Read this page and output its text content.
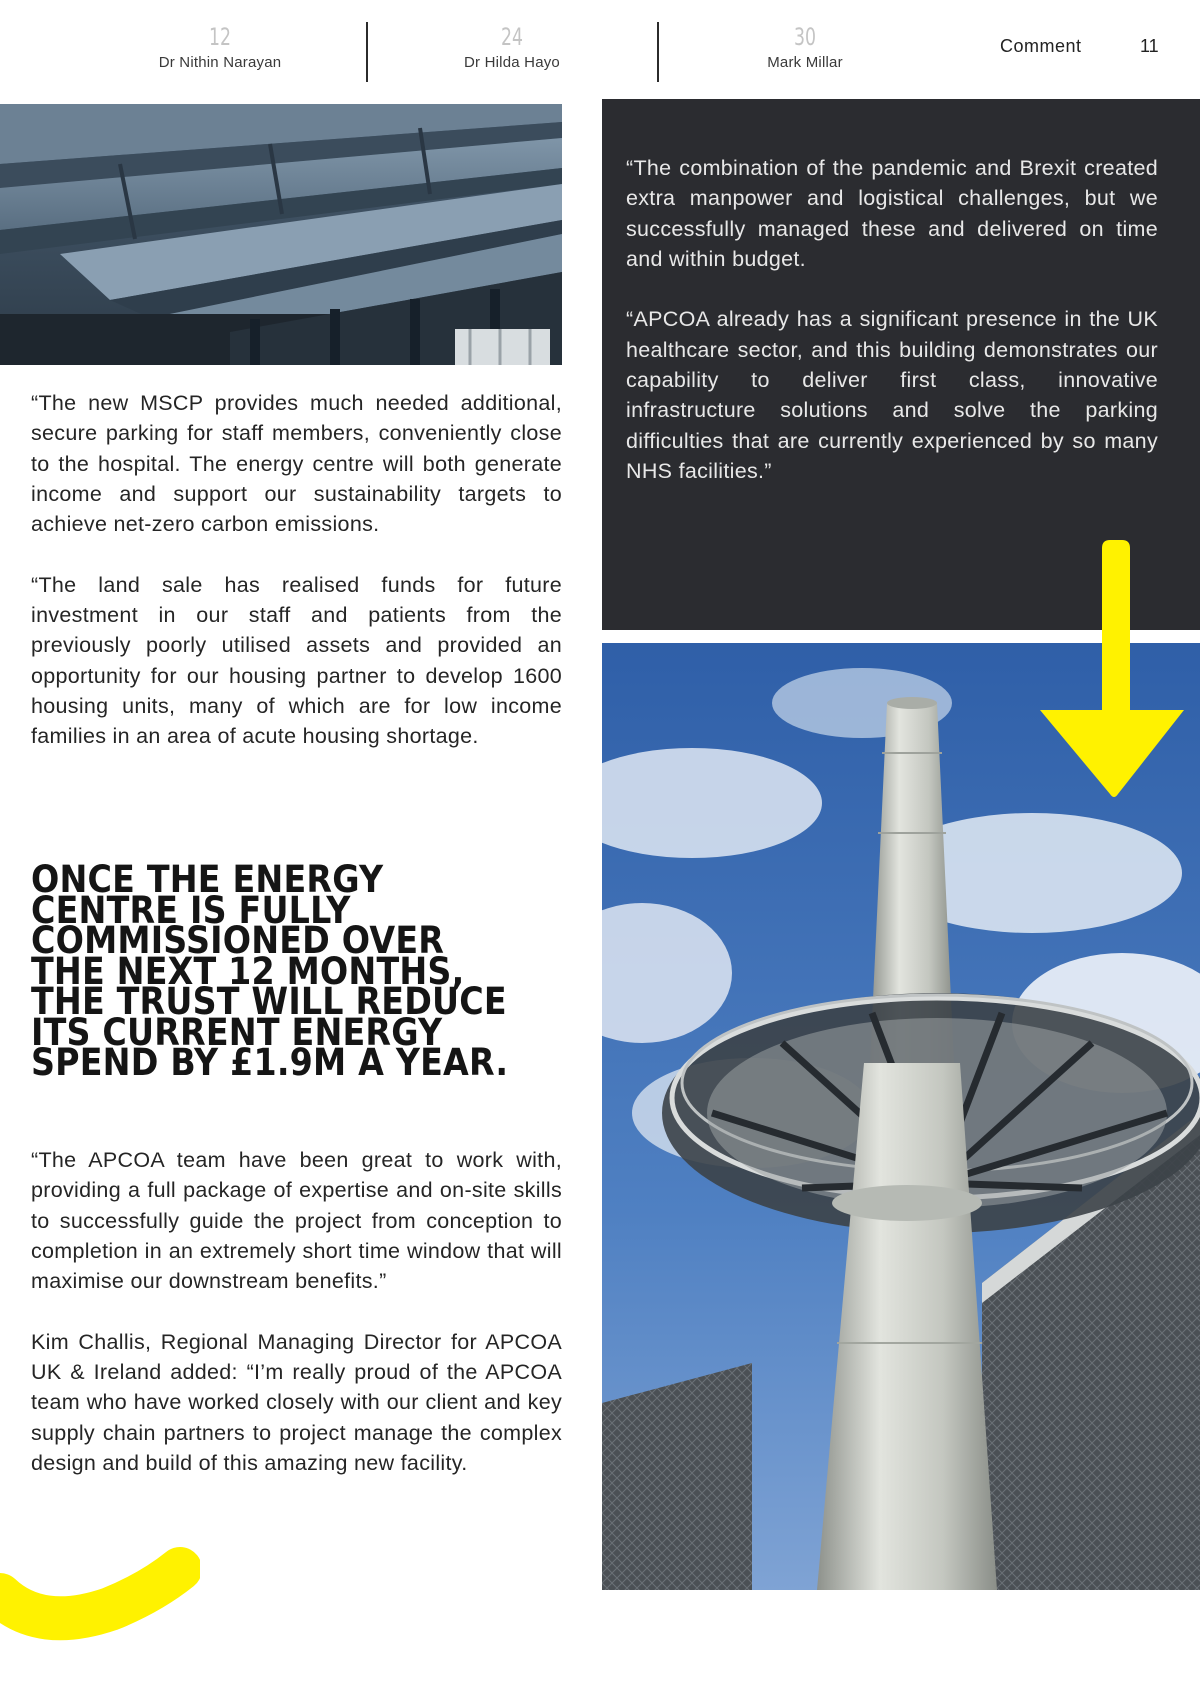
12
Dr Nithin Narayan
24
Dr Hilda Hayo
30
Mark Millar
Comment	11

“The new MSCP provides much needed additional, secure parking for staff members, conveniently close to the hospital. The energy centre will both generate income and support our sustainability targets to achieve net-zero carbon emissions.

“The land sale has realised funds for future investment in our staff and patients from the previously poorly utilised assets and provided an opportunity for our housing partner to develop 1600 housing units, many of which are for low income families in an area of acute housing shortage.

ONCE THE ENERGY CENTRE IS FULLY COMMISSIONED OVER THE NEXT 12 MONTHS, THE TRUST WILL REDUCE ITS CURRENT ENERGY SPEND BY £1.9M A YEAR.

“The APCOA team have been great to work with, providing a full package of expertise and on-site skills to successfully guide the project from conception to completion in an extremely short time window that will maximise our downstream benefits.”

Kim Challis, Regional Managing Director for APCOA UK & Ireland added: “I’m really proud of the APCOA team who have worked closely with our client and key supply chain partners to project manage the complex design and build of this amazing new facility.

“The combination of the pandemic and Brexit created extra manpower and logistical challenges, but we successfully managed these and delivered on time and within budget.

“APCOA already has a significant presence in the UK healthcare sector, and this building demonstrates our capability to deliver first class, innovative infrastructure solutions and solve the parking difficulties that are currently experienced by so many NHS facilities.”
